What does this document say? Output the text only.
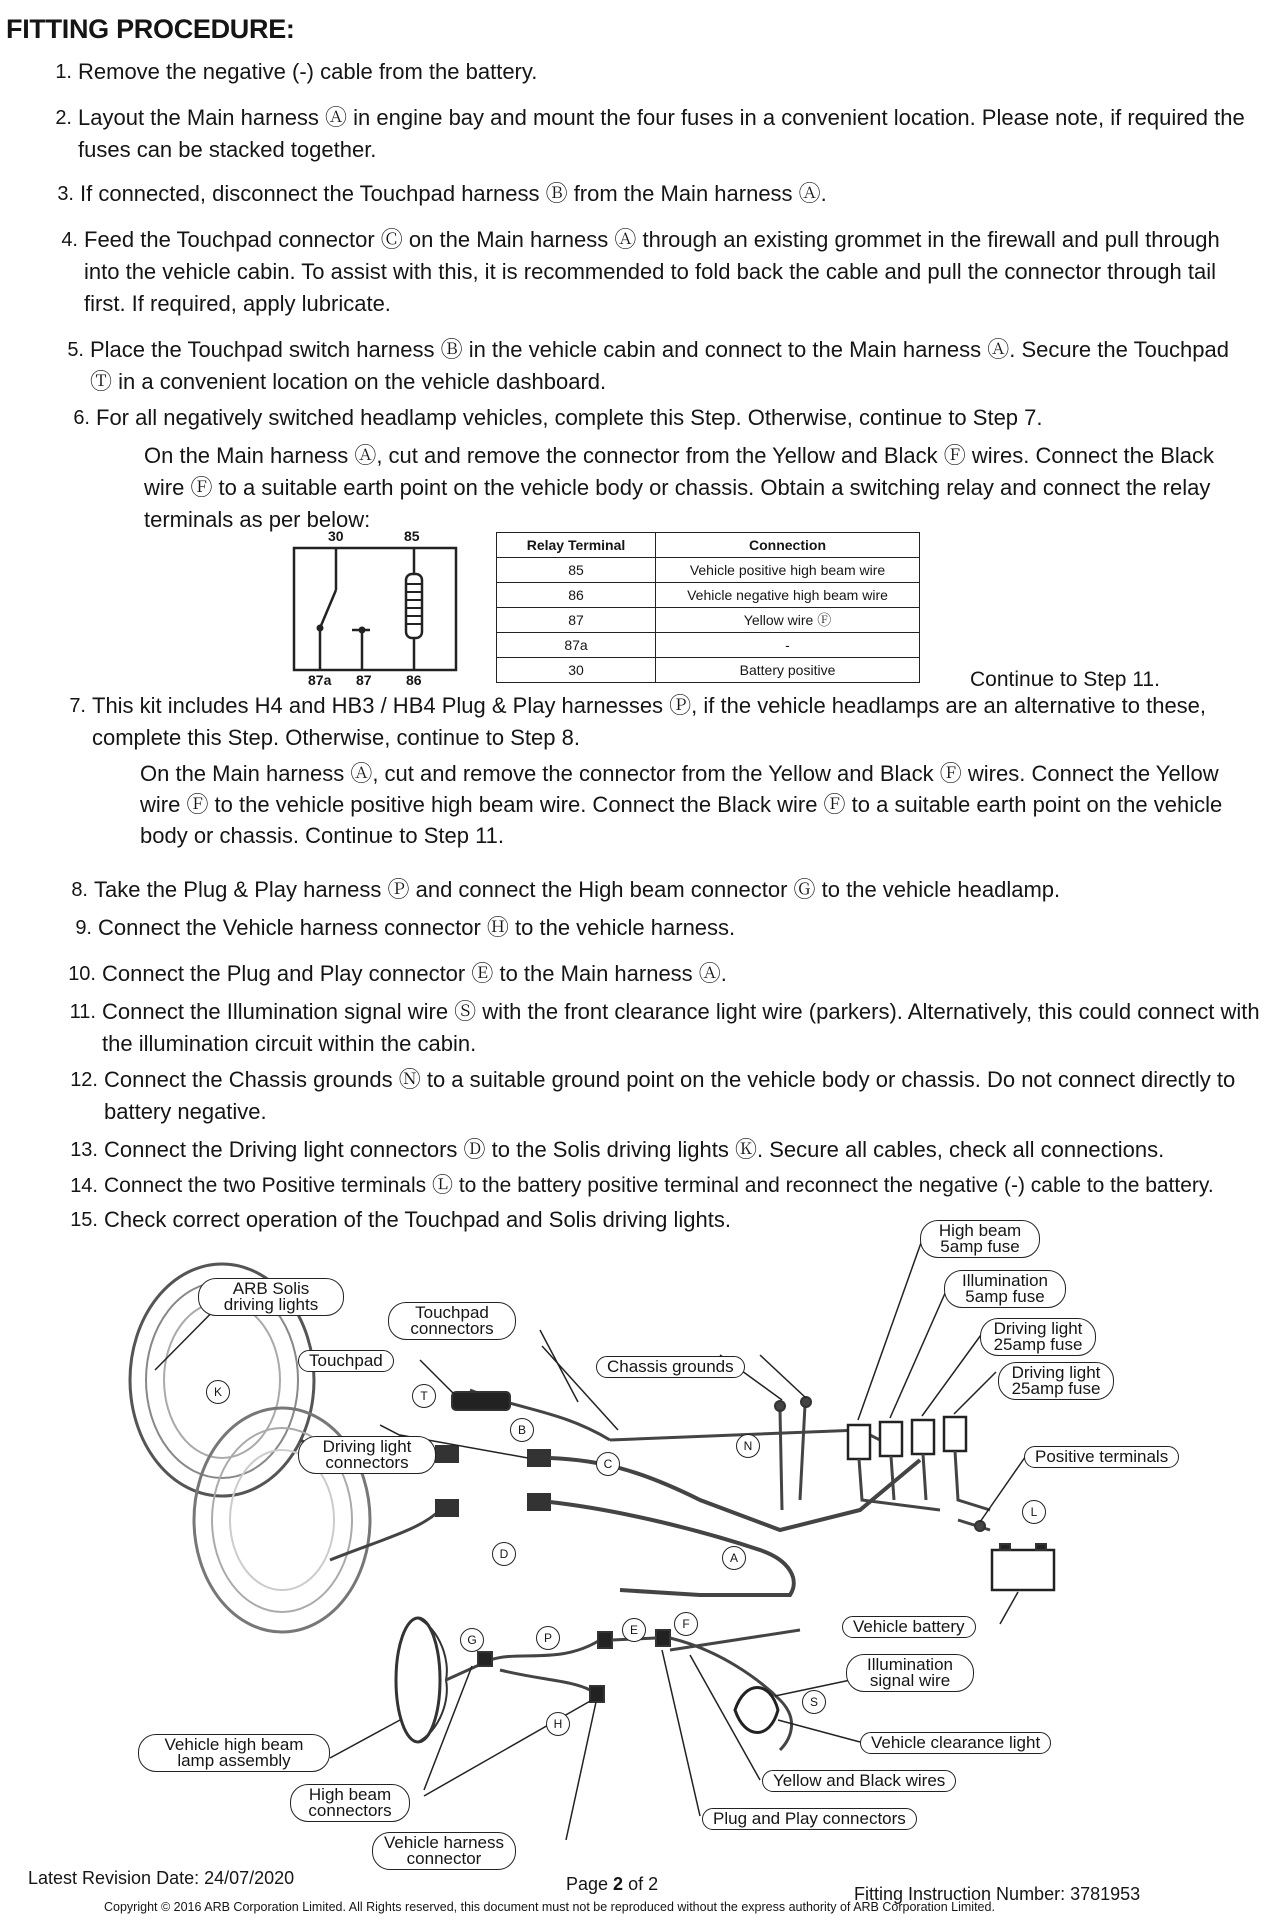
FITTING PROCEDURE:
1. Remove the negative (-) cable from the battery.
2. Layout the Main harness Ⓐ in engine bay and mount the four fuses in a convenient location. Please note, if required the fuses can be stacked together.
3. If connected, disconnect the Touchpad harness Ⓑ from the Main harness Ⓐ.
4. Feed the Touchpad connector Ⓒ on the Main harness Ⓐ through an existing grommet in the firewall and pull through into the vehicle cabin. To assist with this, it is recommended to fold back the cable and pull the connector through tail first. If required, apply lubricate.
5. Place the Touchpad switch harness Ⓑ in the vehicle cabin and connect to the Main harness Ⓐ. Secure the Touchpad Ⓣ in a convenient location on the vehicle dashboard.
6. For all negatively switched headlamp vehicles, complete this Step. Otherwise, continue to Step 7.
On the Main harness Ⓐ, cut and remove the connector from the Yellow and Black Ⓕ wires. Connect the Black wire Ⓕ to a suitable earth point on the vehicle body or chassis. Obtain a switching relay and connect the relay terminals as per below:
30	85
87a 87 86
Relay Terminal	Connection
85	Vehicle positive high beam wire
86	Vehicle negative high beam wire
87	Yellow wire Ⓕ
87a	-
30	Battery positive	Continue to Step 11.
7. This kit includes H4 and HB3 / HB4 Plug & Play harnesses Ⓟ, if the vehicle headlamps are an alternative to these, complete this Step. Otherwise, continue to Step 8.
On the Main harness Ⓐ, cut and remove the connector from the Yellow and Black Ⓕ wires. Connect the Yellow wire Ⓕ to the vehicle positive high beam wire. Connect the Black wire Ⓕ to a suitable earth point on the vehicle body or chassis. Continue to Step 11.
8. Take the Plug & Play harness Ⓟ and connect the High beam connector Ⓖ to the vehicle headlamp.
9. Connect the Vehicle harness connector Ⓗ to the vehicle harness.
10. Connect the Plug and Play connector Ⓔ to the Main harness Ⓐ.
11. Connect the Illumination signal wire Ⓢ with the front clearance light wire (parkers). Alternatively, this could connect with the illumination circuit within the cabin.
12. Connect the Chassis grounds Ⓝ to a suitable ground point on the vehicle body or chassis. Do not connect directly to battery negative.
13. Connect the Driving light connectors Ⓓ to the Solis driving lights Ⓚ. Secure all cables, check all connections.
14. Connect the two Positive terminals Ⓛ to the battery positive terminal and reconnect the negative (-) cable to the battery.
15. Check correct operation of the Touchpad and Solis driving lights.
ARB Solis driving lights	Touchpad connectors
Touchpad	Chassis grounds
Driving light connectors
High beam 5amp fuse
Illumination 5amp fuse
Driving light 25amp fuse
Driving light 25amp fuse
Positive terminals
Vehicle battery
Illumination signal wire
Vehicle clearance light
Yellow and Black wires
Plug and Play connectors
Vehicle high beam lamp assembly
High beam connectors
Vehicle harness connector
K	T
B
C
N
D	A
L
G	P
E	F
S
H
Latest Revision Date: 24/07/2020	Page 2 of 2	Fitting Instruction Number: 3781953
Copyright © 2016 ARB Corporation Limited. All Rights reserved, this document must not be reproduced without the express authority of ARB Corporation Limited.
